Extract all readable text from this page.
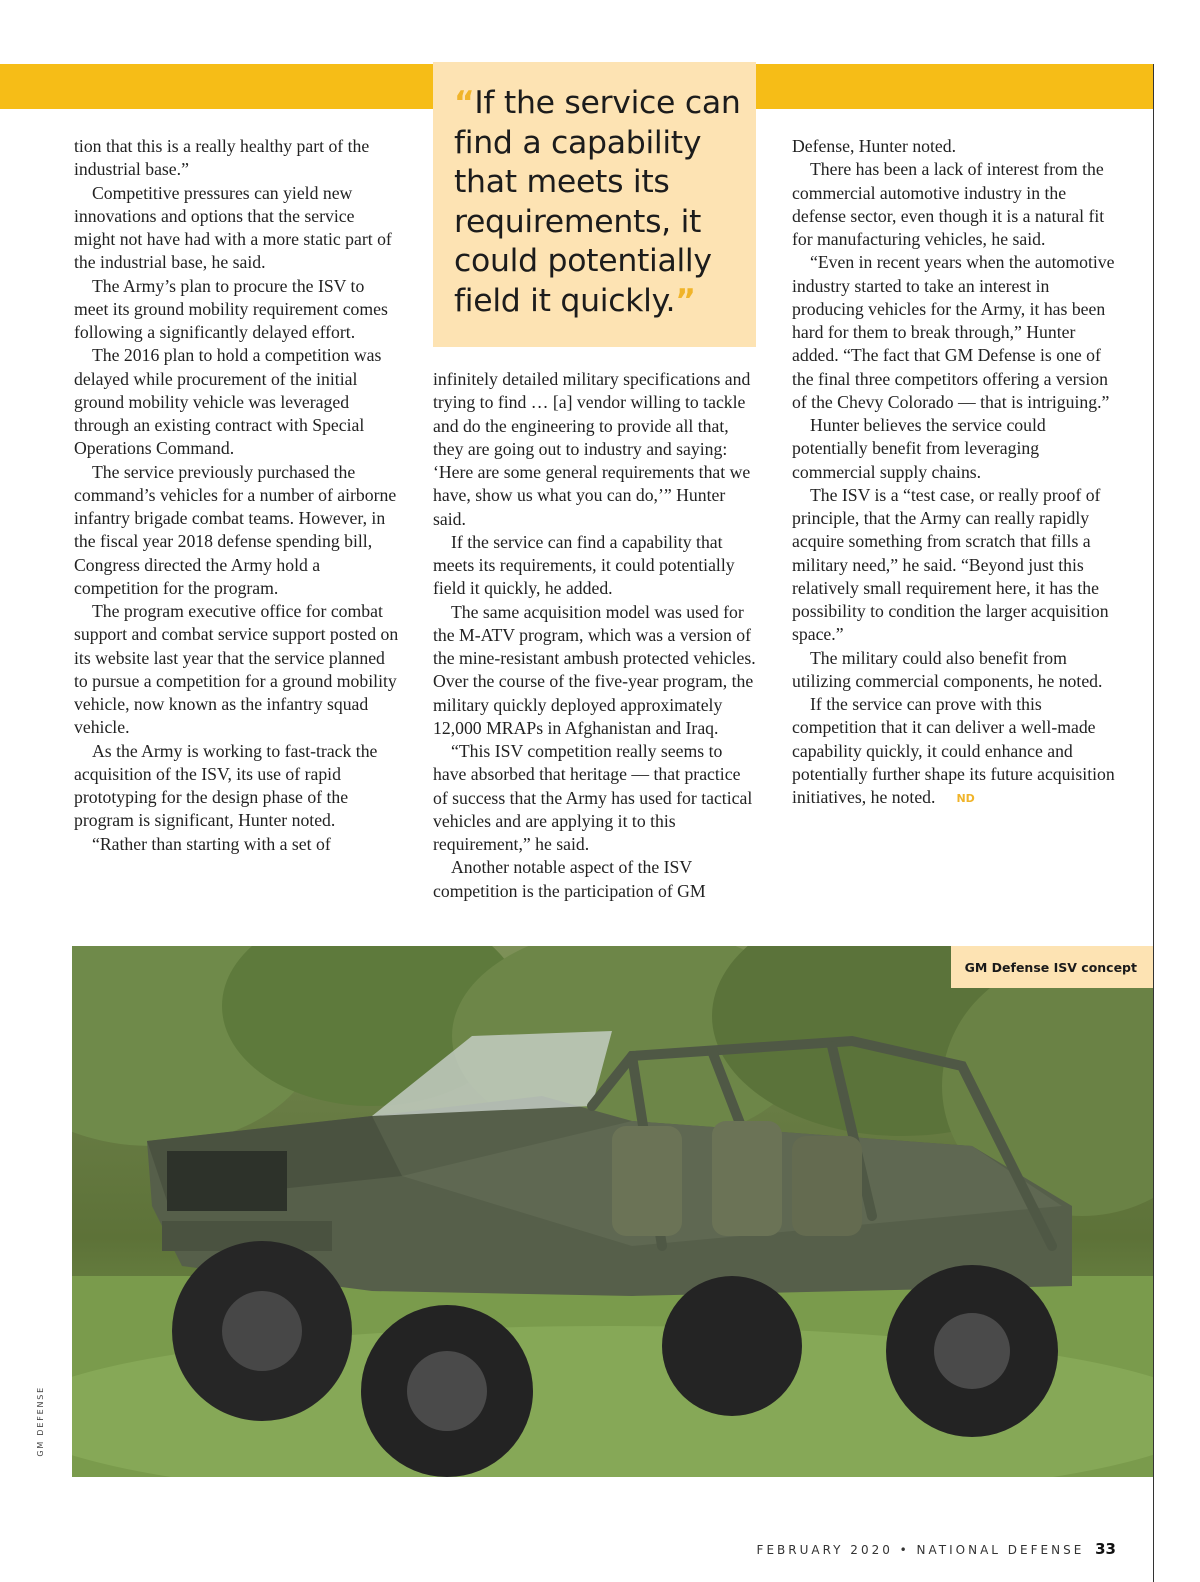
“If the service can find a capability that meets its requirements, it could potentially field it quickly.”

tion that this is a really healthy part of the industrial base.”

Competitive pressures can yield new innovations and options that the service might not have had with a more static part of the industrial base, he said.

The Army’s plan to procure the ISV to meet its ground mobility requirement comes following a significantly delayed effort.

The 2016 plan to hold a competition was delayed while procurement of the initial ground mobility vehicle was leveraged through an existing contract with Special Operations Command.

The service previously purchased the command’s vehicles for a number of airborne infantry brigade combat teams. However, in the fiscal year 2018 defense spending bill, Congress directed the Army hold a competition for the program.

The program executive office for combat support and combat service support posted on its website last year that the service planned to pursue a competition for a ground mobility vehicle, now known as the infantry squad vehicle.

As the Army is working to fast-track the acquisition of the ISV, its use of rapid prototyping for the design phase of the program is significant, Hunter noted.

“Rather than starting with a set of

infinitely detailed military specifications and trying to find … [a] vendor willing to tackle and do the engineering to provide all that, they are going out to industry and saying: ‘Here are some general requirements that we have, show us what you can do,’” Hunter said.

If the service can find a capability that meets its requirements, it could potentially field it quickly, he added.

The same acquisition model was used for the M-ATV program, which was a version of the mine-resistant ambush protected vehicles. Over the course of the five-year program, the military quickly deployed approximately 12,000 MRAPs in Afghanistan and Iraq.

“This ISV competition really seems to have absorbed that heritage — that practice of success that the Army has used for tactical vehicles and are applying it to this requirement,” he said.

Another notable aspect of the ISV competition is the participation of GM

Defense, Hunter noted.

There has been a lack of interest from the commercial automotive industry in the defense sector, even though it is a natural fit for manufacturing vehicles, he said.

“Even in recent years when the automotive industry started to take an interest in producing vehicles for the Army, it has been hard for them to break through,” Hunter added. “The fact that GM Defense is one of the final three competitors offering a version of the Chevy Colorado — that is intriguing.”

Hunter believes the service could potentially benefit from leveraging commercial supply chains.

The ISV is a “test case, or really proof of principle, that the Army can really rapidly acquire something from scratch that fills a military need,” he said. “Beyond just this relatively small requirement here, it has the possibility to condition the larger acquisition space.”

The military could also benefit from utilizing commercial components, he noted.

If the service can prove with this competition that it can deliver a well-made capability quickly, it could enhance and potentially further shape its future acquisition initiatives, he noted. ND

GM Defense ISV concept
GM DEFENSE
FEBRUARY 2020 • NATIONAL DEFENSE 33
